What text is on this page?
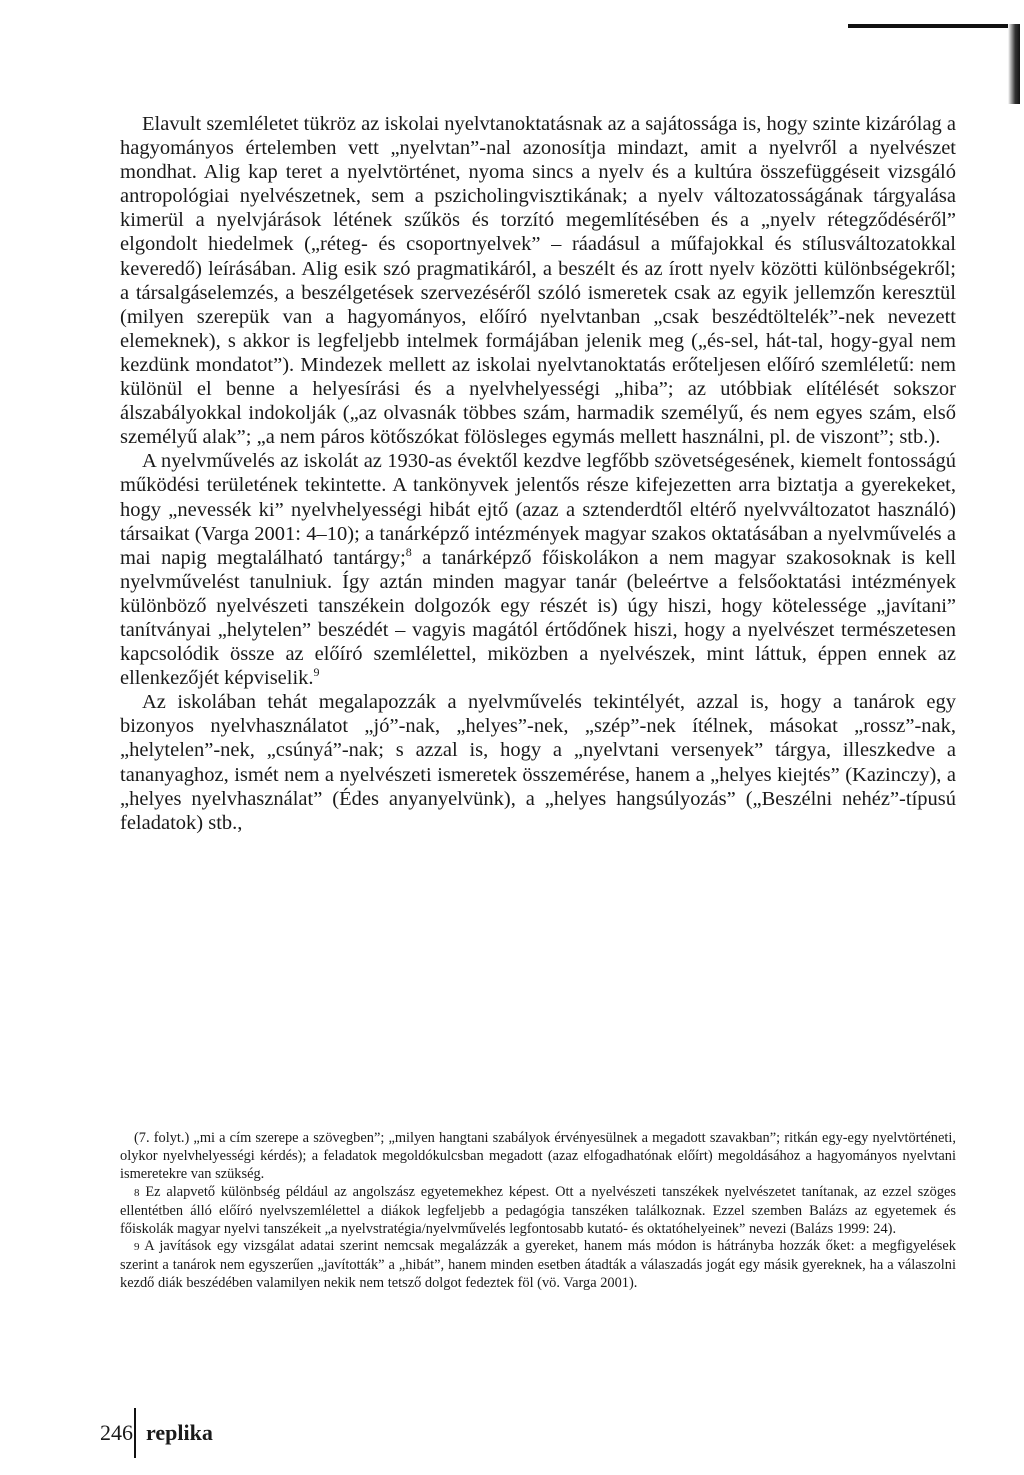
Elavult szemléletet tükröz az iskolai nyelvtanoktatásnak az a sajátossága is, hogy szinte kizárólag a hagyományos értelemben vett „nyelvtan”-nal azonosítja mindazt, amit a nyelvről a nyelvészet mondhat. Alig kap teret a nyelvtörténet, nyoma sincs a nyelv és a kultúra összefüggéseit vizsgáló antropológiai nyelvészetnek, sem a pszicholingvisztikának; a nyelv változatosságának tárgyalása kimerül a nyelvjárások létének szűkös és torzító megemlítésében és a „nyelv rétegződéséről” elgondolt hiedelmek („réteg- és csoportnyelvek” – ráadásul a műfajokkal és stílusváltozatokkal keveredő) leírásában. Alig esik szó pragmatikáról, a beszélt és az írott nyelv közötti különbségekről; a társalgáselemzés, a beszélgetések szervezéséről szóló ismeretek csak az egyik jellemzőn keresztül (milyen szerepük van a hagyományos, előíró nyelvtanban „csak beszédtöltelék”-nek nevezett elemeknek), s akkor is legfeljebb intelmek formájában jelenik meg („és-sel, hát-tal, hogy-gyal nem kezdünk mondatot”). Mindezek mellett az iskolai nyelvtanoktatás erőteljesen előíró szemléletű: nem különül el benne a helyesírási és a nyelvhelyességi „hiba”; az utóbbiak elítélését sokszor álszabályokkal indokolják („az olvasnák többes szám, harmadik személyű, és nem egyes szám, első személyű alak”; „a nem páros kötőszókat fölösleges egymás mellett használni, pl. de viszont”; stb.).

A nyelvművelés az iskolát az 1930-as évektől kezdve legfőbb szövetségesének, kiemelt fontosságú működési területének tekintette. A tankönyvek jelentős része kifejezetten arra biztatja a gyerekeket, hogy „nevessék ki” nyelvhelyességi hibát ejtő (azaz a sztenderdtől eltérő nyelvváltozatot használó) társaikat (Varga 2001: 4–10); a tanárképző intézmények magyar szakos oktatásában a nyelvművelés a mai napig megtalálható tantárgy;$^8$ a tanárképző főiskolákon a nem magyar szakosoknak is kell nyelvművelést tanulniuk. Így aztán minden magyar tanár (beleértve a felsőoktatási intézmények különböző nyelvészeti tanszékein dolgozók egy részét is) úgy hiszi, hogy kötelessége „javítani” tanítványai „helytelen” beszédét – vagyis magától értődőnek hiszi, hogy a nyelvészet természetesen kapcsolódik össze az előíró szemlélettel, miközben a nyelvészek, mint láttuk, éppen ennek az ellenkezőjét képviselik.$^9$

Az iskolában tehát megalapozzák a nyelvművelés tekintélyét, azzal is, hogy a tanárok egy bizonyos nyelvhasználatot „jó”-nak, „helyes”-nek, „szép”-nek ítélnek, másokat „rossz”-nak, „helytelen”-nek, „csúnyá”-nak; s azzal is, hogy a „nyelvtani versenyek” tárgya, illeszkedve a tananyaghoz, ismét nem a nyelvészeti ismeretek összemérése, hanem a „helyes kiejtés” (Kazinczy), a „helyes nyelvhasználat” (Édes anyanyelvünk), a „helyes hangsúlyozás” („Beszélni nehéz”-típusú feladatok) stb.,

(7. folyt.) „mi a cím szerepe a szövegben”; „milyen hangtani szabályok érvényesülnek a megadott szavakban”; ritkán egy-egy nyelvtörténeti, olykor nyelvhelyességi kérdés); a feladatok megoldókulcsban megadott (azaz elfogadhatónak előírt) megoldásához a hagyományos nyelvtani ismeretekre van szükség.

8 Ez alapvető különbség például az angolszász egyetemekhez képest. Ott a nyelvészeti tanszékek nyelvészetet tanítanak, az ezzel szöges ellentétben álló előíró nyelvszemlélettel a diákok legfeljebb a pedagógia tanszéken találkoznak. Ezzel szemben Balázs az egyetemek és főiskolák magyar nyelvi tanszékeit „a nyelvstratégia/nyelvművelés legfontosabb kutató- és oktatóhelyeinek” nevezi (Balázs 1999: 24).

9 A javítások egy vizsgálat adatai szerint nemcsak megalázzák a gyereket, hanem más módon is hátrányba hozzák őket: a megfigyelések szerint a tanárok nem egyszerűen „javították” a „hibát”, hanem minden esetben átadták a válaszadás jogát egy másik gyereknek, ha a válaszolni kezdő diák beszédében valamilyen nekik nem tetsző dolgot fedeztek föl (vö. Varga 2001).

246 replika
